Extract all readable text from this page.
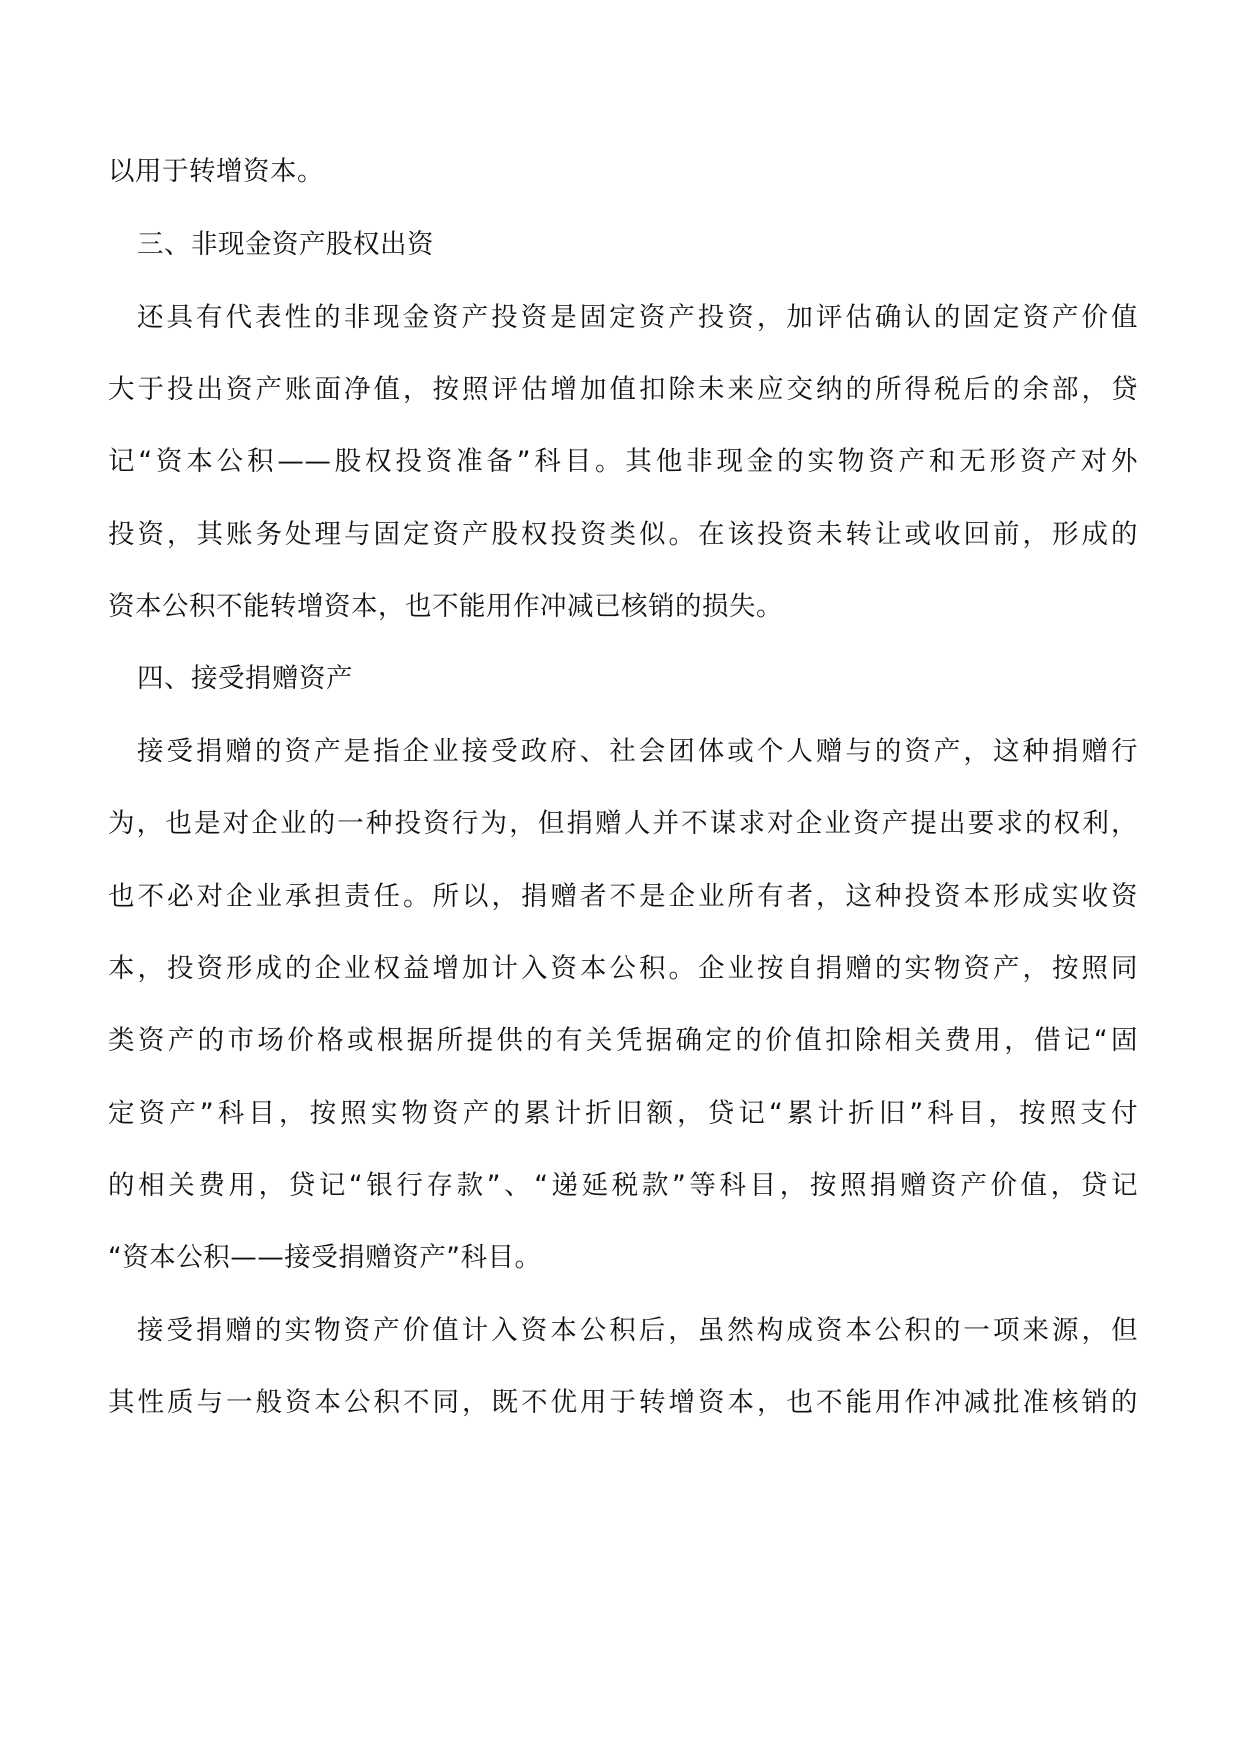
以用于转增资本。
三、非现金资产股权出资
还具有代表性的非现金资产投资是固定资产投资，加评估确认的固定资产价值
大于投出资产账面净值，按照评估增加值扣除未来应交纳的所得税后的余部，贷
记“资本公积——股权投资准备”科目。其他非现金的实物资产和无形资产对外
投资，其账务处理与固定资产股权投资类似。在该投资未转让或收回前，形成的
资本公积不能转增资本，也不能用作冲减已核销的损失。
四、接受捐赠资产
接受捐赠的资产是指企业接受政府、社会团体或个人赠与的资产，这种捐赠行
为，也是对企业的一种投资行为，但捐赠人并不谋求对企业资产提出要求的权利，
也不必对企业承担责任。所以，捐赠者不是企业所有者，这种投资本形成实收资
本，投资形成的企业权益增加计入资本公积。企业按自捐赠的实物资产，按照同
类资产的市场价格或根据所提供的有关凭据确定的价值扣除相关费用，借记“固
定资产”科目，按照实物资产的累计折旧额，贷记“累计折旧”科目，按照支付
的相关费用，贷记“银行存款”、“递延税款”等科目，按照捐赠资产价值，贷记
“资本公积——接受捐赠资产”科目。
接受捐赠的实物资产价值计入资本公积后，虽然构成资本公积的一项来源，但
其性质与一般资本公积不同，既不优用于转增资本，也不能用作冲减批准核销的
